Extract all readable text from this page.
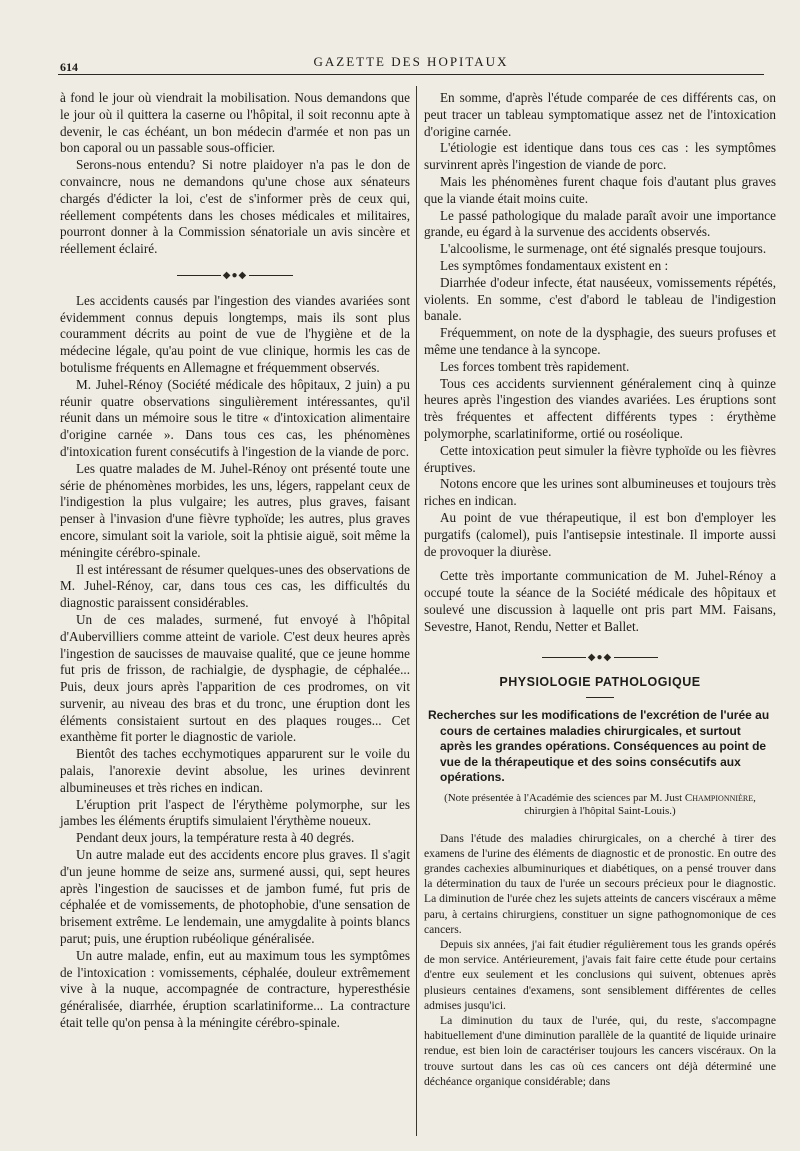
614	GAZETTE DES HOPITAUX

à fond le jour où viendrait la mobilisation. Nous demandons que le jour où il quittera la caserne ou l'hôpital, il soit reconnu apte à devenir, le cas échéant, un bon médecin d'armée et non pas un bon caporal ou un passable sous-officier.

Serons-nous entendu? Si notre plaidoyer n'a pas le don de convaincre, nous ne demandons qu'une chose aux sénateurs chargés d'édicter la loi, c'est de s'informer près de ceux qui, réellement compétents dans les choses médicales et militaires, pourront donner à la Commission sénatoriale un avis sincère et réellement éclairé.

◆●◆

Les accidents causés par l'ingestion des viandes avariées sont évidemment connus depuis longtemps, mais ils sont plus couramment décrits au point de vue de l'hygiène et de la médecine légale, qu'au point de vue clinique, hormis les cas de botulisme fréquents en Allemagne et fréquemment observés.

M. Juhel-Rénoy (Société médicale des hôpitaux, 2 juin) a pu réunir quatre observations singulièrement intéressantes, qu'il réunit dans un mémoire sous le titre « d'intoxication alimentaire d'origine carnée ». Dans tous ces cas, les phénomènes d'intoxication furent consécutifs à l'ingestion de la viande de porc.

Les quatre malades de M. Juhel-Rénoy ont présenté toute une série de phénomènes morbides, les uns, légers, rappelant ceux de l'indigestion la plus vulgaire; les autres, plus graves, faisant penser à l'invasion d'une fièvre typhoïde; les autres, plus graves encore, simulant soit la variole, soit la phtisie aiguë, soit même la méningite cérébro-spinale.

Il est intéressant de résumer quelques-unes des observations de M. Juhel-Rénoy, car, dans tous ces cas, les difficultés du diagnostic paraissent considérables.

Un de ces malades, surmené, fut envoyé à l'hôpital d'Aubervilliers comme atteint de variole. C'est deux heures après l'ingestion de saucisses de mauvaise qualité, que ce jeune homme fut pris de frisson, de rachialgie, de dysphagie, de céphalée... Puis, deux jours après l'apparition de ces prodromes, on vit survenir, au niveau des bras et du tronc, une éruption dont les éléments consistaient surtout en des plaques rouges... Cet exanthème fit porter le diagnostic de variole.

Bientôt des taches ecchymotiques apparurent sur le voile du palais, l'anorexie devint absolue, les urines devinrent albumineuses et très riches en indican.

L'éruption prit l'aspect de l'érythème polymorphe, sur les jambes les éléments éruptifs simulaient l'érythème noueux.

Pendant deux jours, la température resta à 40 degrés.

Un autre malade eut des accidents encore plus graves. Il s'agit d'un jeune homme de seize ans, surmené aussi, qui, sept heures après l'ingestion de saucisses et de jambon fumé, fut pris de céphalée et de vomissements, de photophobie, d'une sensation de brisement extrême. Le lendemain, une amygdalite à points blancs parut; puis, une éruption rubéolique généralisée.

Un autre malade, enfin, eut au maximum tous les symptômes de l'intoxication : vomissements, céphalée, douleur extrêmement vive à la nuque, accompagnée de contracture, hyperesthésie généralisée, diarrhée, éruption scarlatiniforme... La contracture était telle qu'on pensa à la méningite cérébro-spinale.

En somme, d'après l'étude comparée de ces différents cas, on peut tracer un tableau symptomatique assez net de l'intoxication d'origine carnée.

L'étiologie est identique dans tous ces cas : les symptômes survinrent après l'ingestion de viande de porc.

Mais les phénomènes furent chaque fois d'autant plus graves que la viande était moins cuite.

Le passé pathologique du malade paraît avoir une importance grande, eu égard à la survenue des accidents observés.

L'alcoolisme, le surmenage, ont été signalés presque toujours.

Les symptômes fondamentaux existent en :

Diarrhée d'odeur infecte, état nauséeux, vomissements répétés, violents. En somme, c'est d'abord le tableau de l'indigestion banale.

Fréquemment, on note de la dysphagie, des sueurs profuses et même une tendance à la syncope.

Les forces tombent très rapidement.

Tous ces accidents surviennent généralement cinq à quinze heures après l'ingestion des viandes avariées. Les éruptions sont très fréquentes et affectent différents types : érythème polymorphe, scarlatiniforme, ortié ou roséolique.

Cette intoxication peut simuler la fièvre typhoïde ou les fièvres éruptives.

Notons encore que les urines sont albumineuses et toujours très riches en indican.

Au point de vue thérapeutique, il est bon d'employer les purgatifs (calomel), puis l'antisepsie intestinale. Il importe aussi de provoquer la diurèse.

Cette très importante communication de M. Juhel-Rénoy a occupé toute la séance de la Société médicale des hôpitaux et soulevé une discussion à laquelle ont pris part MM. Faisans, Sevestre, Hanot, Rendu, Netter et Ballet.

◆●◆
PHYSIOLOGIE PATHOLOGIQUE
Recherches sur les modifications de l'excrétion de l'urée au cours de certaines maladies chirurgicales, et surtout après les grandes opérations. Conséquences au point de vue de la thérapeutique et des soins consécutifs aux opérations.
(Note présentée à l'Académie des sciences par M. Just Championnière,
chirurgien à l'hôpital Saint-Louis.)

Dans l'étude des maladies chirurgicales, on a cherché à tirer des examens de l'urine des éléments de diagnostic et de pronostic. En outre des grandes cachexies albuminuriques et diabétiques, on a pensé trouver dans la détermination du taux de l'urée un secours précieux pour le diagnostic. La diminution de l'urée chez les sujets atteints de cancers viscéraux a même paru, à certains chirurgiens, constituer un signe pathognomonique de ces cancers.

Depuis six années, j'ai fait étudier régulièrement tous les grands opérés de mon service. Antérieurement, j'avais fait faire cette étude pour certains d'entre eux seulement et les conclusions qui suivent, obtenues après plusieurs centaines d'examens, sont sensiblement différentes de celles admises jusqu'ici.

La diminution du taux de l'urée, qui, du reste, s'accompagne habituellement d'une diminution parallèle de la quantité de liquide urinaire rendue, est bien loin de caractériser toujours les cancers viscéraux. On la trouve surtout dans les cas où ces cancers ont déjà déterminé une déchéance organique considérable; dans
